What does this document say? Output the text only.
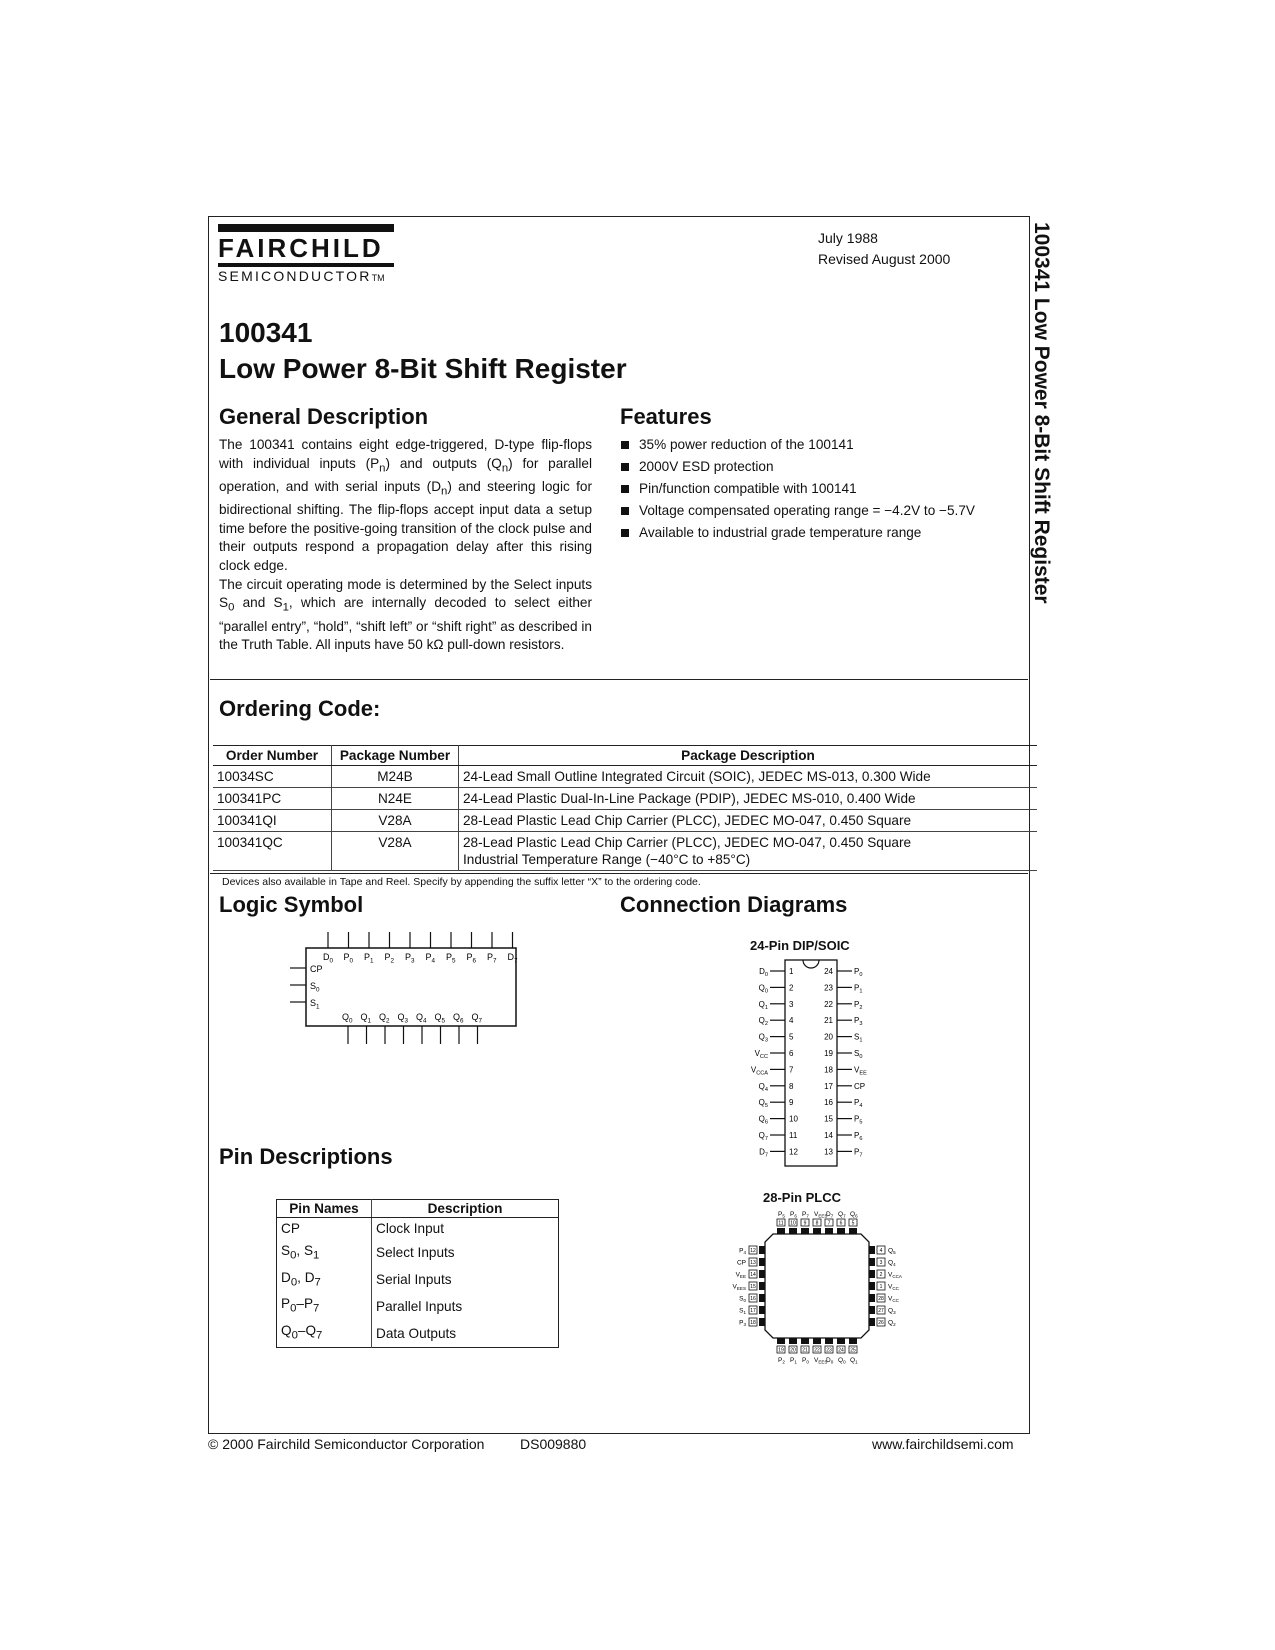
FAIRCHILD
SEMICONDUCTORTM
July 1988
Revised August 2000	100341 Low Power 8-Bit Shift Register
100341
Low Power 8-Bit Shift Register
General Description

The 100341 contains eight edge-triggered, D-type flip-flops with individual inputs $(P_n)$ and outputs $(Q_n)$ for parallel operation, and with serial inputs $(D_n)$ and steering logic for bidirectional shifting. The flip-flops accept input data a setup time before the positive-going transition of the clock pulse and their outputs respond a propagation delay after this rising clock edge.

The circuit operating mode is determined by the Select inputs $S_0$ and $S_1$, which are internally decoded to select either “parallel entry”, “hold”, “shift left” or “shift right” as described in the Truth Table. All inputs have 50 kΩ pull-down resistors.

Features
35% power reduction of the 100141
2000V ESD protection
Pin/function compatible with 100141
Voltage compensated operating range = −4.2V to −5.7V
Available to industrial grade temperature range
Ordering Code:
Order Number	Package Number	Package Description
10034SC	M24B	24-Lead Small Outline Integrated Circuit (SOIC), JEDEC MS-013, 0.300 Wide
100341PC	N24E	24-Lead Plastic Dual-In-Line Package (PDIP), JEDEC MS-010, 0.400 Wide
100341QI	V28A	28-Lead Plastic Lead Chip Carrier (PLCC), JEDEC MO-047, 0.450 Square
100341QC	V28A	28-Lead Plastic Lead Chip Carrier (PLCC), JEDEC MO-047, 0.450 Square
Industrial Temperature Range (−40°C to +85°C)
Devices also available in Tape and Reel. Specify by appending the suffix letter “X” to the ordering code.
Logic Symbol
$D_0$ $P_0$ $P_1$ $P_2$ $P_3$ $P_4$ $P_5$ $P_6$ $P_7$ $D_7$
CP
$S_0$
$S_1$
$Q_0$ $Q_1$ $Q_2$ $Q_3$ $Q_4$ $Q_5$ $Q_6$ $Q_7$
Pin Descriptions
Pin Names	Description
CP	Clock Input
$S_0$, $S_1$	Select Inputs
$D_0$, $D_7$	Serial Inputs
$P_0-P_7$	Parallel Inputs
$Q_0-Q_7$	Data Outputs
Connection Diagrams
24-Pin DIP/SOIC
$D_0$	1
$Q_0$	2
$Q_1$	3
$Q_2$	4
$Q_3$	5
$V_{CC}$	6
$V_{CCA}$	7
$Q_4$	8
$Q_5$	9
$Q_6$	10
$Q_7$	11
$D_7$	12
24	$P_0$
23	$P_1$
22	$P_2$
21	$P_3$
20	$S_1$
19	$S_0$
18	$V_{EE}$
17	CP
16	$P_4$
15	$P_5$
14	$P_6$
13	$P_7$
28-Pin PLCC
11
$P_5$
10
$P_6$
9
$P_7$
8
$V_{EES}$
7
$D_7$
6
$Q_7$
5
$Q_6$
19
$P_2$
20
$P_1$
21
$P_0$
22
$V_{EES}$
23
$D_0$
24
$Q_0$
25
$Q_1$
12
$P_4$
13
CP
14
$V_{EE}$
15
$V_{EES}$
16
$S_0$
17
$S_1$
18
$P_3$
4 $Q_5$
3 $Q_4$
2 $V_{CCA}$
1 $V_{CC}$
28 $V_{CC}$
27 $Q_3$
26 $Q_2$
© 2000 Fairchild Semiconductor Corporation	DS009880	www.fairchildsemi.com
